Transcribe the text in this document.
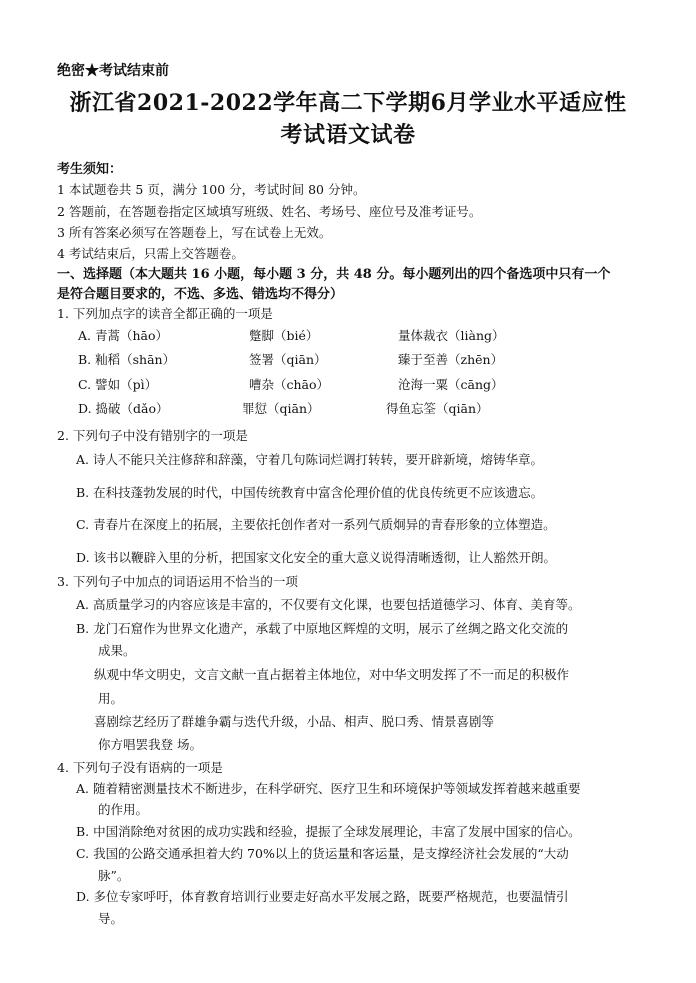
绝密★考试结束前
浙江省2021-2022学年高二下学期6月学业水平适应性
考试语文试卷
考生须知：
1 本试题卷共 5 页，满分 100 分，考试时间 80 分钟。
2 答题前，在答题卷指定区域填写班级、姓名、考场号、座位号及准考证号。
3 所有答案必须写在答题卷上，写在试卷上无效。
4 考试结束后，只需上交答题卷。
一、选择题（本大题共 16 小题，每小题 3 分，共 48 分。每小题列出的四个备选项中只有一个
是符合题目要求的，不选、多选、错选均不得分）
1. 下列加点字的读音全都正确的一项是
A. 青蒿（hāo）	蹩脚（bié）	量体裁衣（liàng）
B. 籼稻（shān）	签署（qiān）	臻于至善（zhēn）
C. 譬如（pì）	嘈杂（chāo）	沧海一粟（cāng）
D. 捣破（dǎo）	罪愆（qiān）	得鱼忘筌（qiān）
2. 下列句子中没有错别字的一项是
A. 诗人不能只关注修辞和辞藻，守着几句陈词烂调打转转，要开辟新境，熔铸华章。
B. 在科技蓬勃发展的时代，中国传统教育中富含伦理价值的优良传统更不应该遗忘。
C. 青春片在深度上的拓展，主要依托创作者对一系列气质炯异的青春形象的立体塑造。
D. 该书以鞭辟入里的分析，把国家文化安全的重大意义说得清晰透彻，让人豁然开朗。
3. 下列句子中加点的词语运用不恰当的一项
A. 高质量学习的内容应该是丰富的，不仅要有文化课，也要包括道德学习、体育、美育等。
B. 龙门石窟作为世界文化遗产，承载了中原地区辉煌的文明，展示了丝绸之路文化交流的
成果。
纵观中华文明史，文言文献一直占据着主体地位，对中华文明发挥了不一而足的积极作
用。
喜剧综艺经历了群雄争霸与迭代升级，小品、相声、脱口秀、情景喜剧等
你方唱罢我登 场。
4. 下列句子没有语病的一项是
A. 随着精密测量技术不断进步，在科学研究、医疗卫生和环境保护等领域发挥着越来越重要
的作用。
B. 中国消除绝对贫困的成功实践和经验，提振了全球发展理论，丰富了发展中国家的信心。
C. 我国的公路交通承担着大约 70%以上的货运量和客运量，是支撑经济社会发展的“大动
脉”。
D. 多位专家呼吁，体育教育培训行业要走好高水平发展之路，既要严格规范，也要温情引
导。
